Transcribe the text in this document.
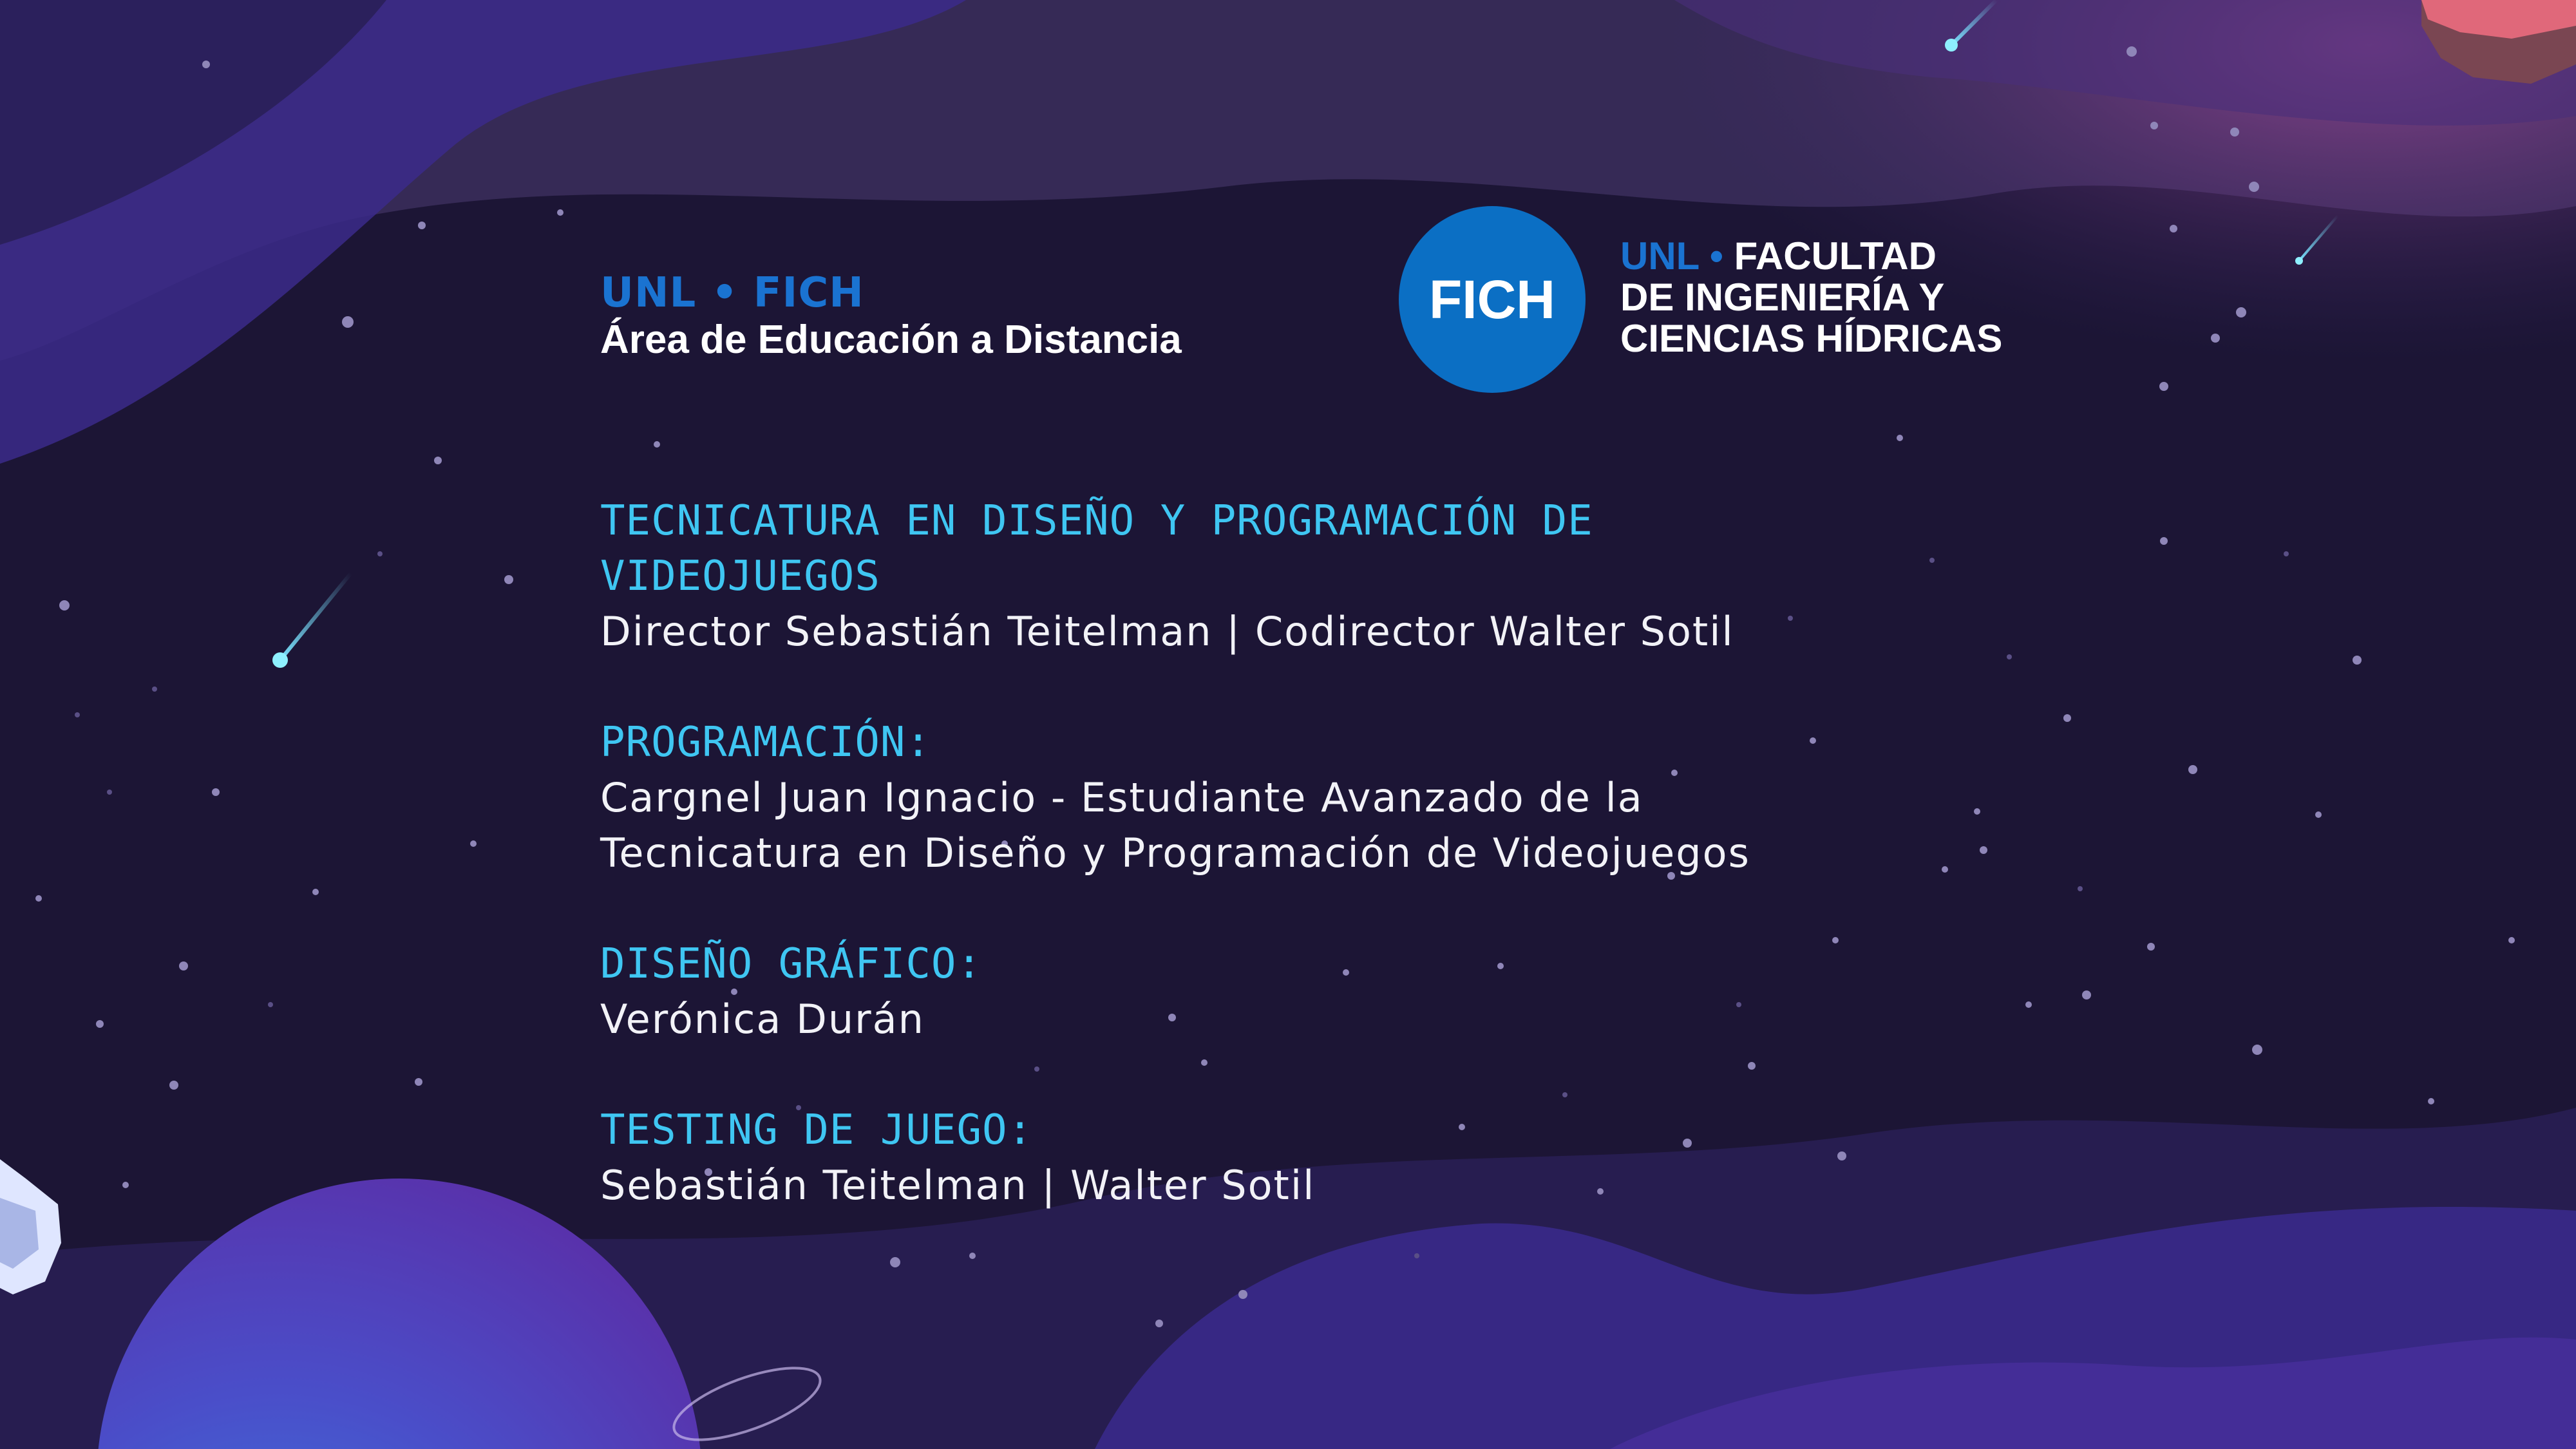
UNL • FICH
Área de Educación a Distancia
FICH
UNL • FACULTAD
DE INGENIERÍA Y
CIENCIAS HÍDRICAS
TECNICATURA EN DISEÑO Y PROGRAMACIÓN DE
VIDEOJUEGOS
Director Sebastián Teitelman | Codirector Walter Sotil
PROGRAMACIÓN:
Cargnel Juan Ignacio - Estudiante Avanzado de la
Tecnicatura en Diseño y Programación de Videojuegos
DISEÑO GRÁFICO:
Verónica Durán
TESTING DE JUEGO:
Sebastián Teitelman | Walter Sotil
